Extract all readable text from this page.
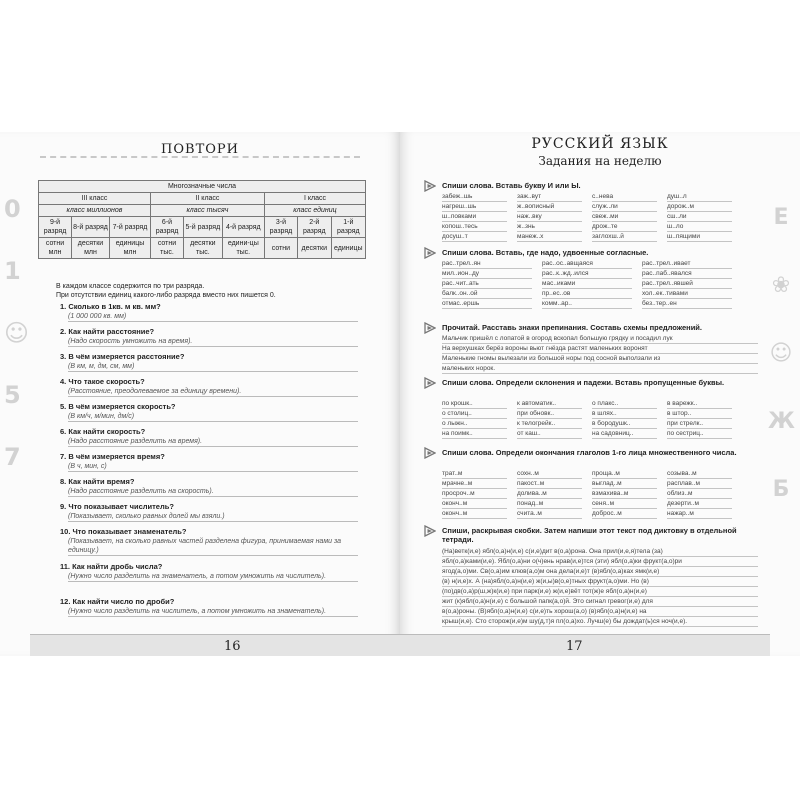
0
1
☺
5
7
ПОВТОРИ
Многозначные числа								
III класс			II класс			I класс		
класс миллионов			класс тысяч			класс единиц		
9-й разряд	8-й разряд	7-й разряд	6-й разряд	5-й разряд	4-й разряд	3-й разряд	2-й разряд	1-й разряд
сотни млн	десятки млн	единицы млн	сотни тыс.	десятки тыс.	едини-цы тыс.	сотни	десятки	единицы
В каждом классе содержится по три разряда.
При отсутствии единиц какого-либо разряда вместо них пишется 0.
1. Сколько в 1кв. м кв. мм?
(1 000 000 кв. мм)
2. Как найти расстояние?
(Надо скорость умножить на время).
3. В чём измеряется расстояние?
(В км, м, дм, см, мм)
4. Что такое скорость?
(Расстояние, преодолеваемое за единицу времени).
5. В чём измеряется скорость?
(В км/ч, м/мин, дм/с)
6. Как найти скорость?
(Надо расстояние разделить на время).
7. В чём измеряется время?
(В ч, мин, с)
8. Как найти время?
(Надо расстояние разделить на скорость).
9. Что показывает числитель?
(Показывает, сколько равных долей мы взяли.)
10. Что показывает знаменатель?
(Показывает, на сколько равных частей разделена фигура, принимаемая нами за единицу.)
11. Как найти дробь числа?
(Нужно число разделить на знаменатель, а потом умножить на числитель).
12. Как найти число по дроби?
(Нужно число разделить на числитель, а потом умножить на знаменатель).
16
Е
❀
☺
Ж
Б
РУССКИЙ ЯЗЫК
Задания на неделю
Спиши слова. Вставь букву И или Ы.
забеж..шь	заж..вут	с..нева	душ..л
нагреш..шь	ж..вописный	служ..ли	дорож..м
ш..повками	наж..вку	свеж..ми	сш..ли
копош..тесь	ж..знь	дрож..те	ш..ло
досуш..т	манеж..х	заглохш..й	ш..пящими
Спиши слова. Вставь, где надо, удвоенные согласные.
рас..трел..ян	рас..ос..авщаяся	рас..трел..ивает
мил..ион..ду	рас..к..жд..ился	рас..паб..явался
рас..чит..ать	мас..иками	рас..трел..явшей
балк..он..ой	пр..ес..ов	хол..ек..тивами
отмас..ершь	комм..ар..	без..тер..ен
Прочитай. Расставь знаки препинания. Составь схемы предложений.
Мальчик пришёл с лопатой в огород вскопал большую грядку и посадил лук
На верхушках берёз вороны вьют гнёзда растят маленьких воронят
Маленькие гномы вылезали из большой норы под сосной выползали из
маленьких норок.
Спиши слова. Определи склонения и падежи. Вставь пропущенные буквы.
по крошк..	к автоматик..	о плакс..	в варежк..
о столиц..	при обновк..	в шлях..	в штор..
о лыжн..	к телогрейк..	в бородушк..	при стрелк..
на поимк..	от каш..	на садовниц..	по сестриц..
Спиши слова. Определи окончания глаголов 1-го лица множественного числа.
трат..м	сохн..м	проща..м	созыва..м
мрачне..м	пакост..м	выглад..м	расплав..м
просроч..м	долива..м	взмахива..м	облиз..м
оконч..м	понад..м	сеня..м	дезерти..м
оконч..м	счита..м	доброс..м	нажар..м
Спиши, раскрывая скобки. Затем напиши этот текст под диктовку в отдельной тетради.
(На)ветк(и,е) ябл(о,а)н(и,е) с(и,е)дит в(о,а)рона. Она прил(и,е,я)тела (за)
ябл(о,а)ками(и,е). Ябл(о,а)ни о(ч)ень нрав(и,е)тся (эти) ябл(о,а)ки фрукт(а,о)ри
ягод(а,о)ми. Св(о,а)им клюв(а,о)м она дела(и,е)т (в)ябл(о,а)ках ямк(и,е)
(в) н(и,е)х. А (на)ябл(о,а)н(и,е) ж(и,ы)в(о,е)тных фрукт(а,о)ми. Но (в)
(по)дв(о,а)р(ш,ж)к(и,е) при парк(и,е) ж(и,е)вёт тот(ж)е ябл(о,а)н(и,е)
жит (к)ябл(о,а)н(и,е) с большой папк(а,о)й. Это сигнал гревог(и,е) для
в(о,а)роны. (В)ябл(о,а)н(и,е) с(и,е)ть хорош(а,о) (в)ябл(о,а)н(и,е) на
крыш(и,е). Сто сторож(и,е)м шу(д,т)я пл(о,а)хо. Лучш(е) бы дождат(ь)ся ноч(и,е).
17
